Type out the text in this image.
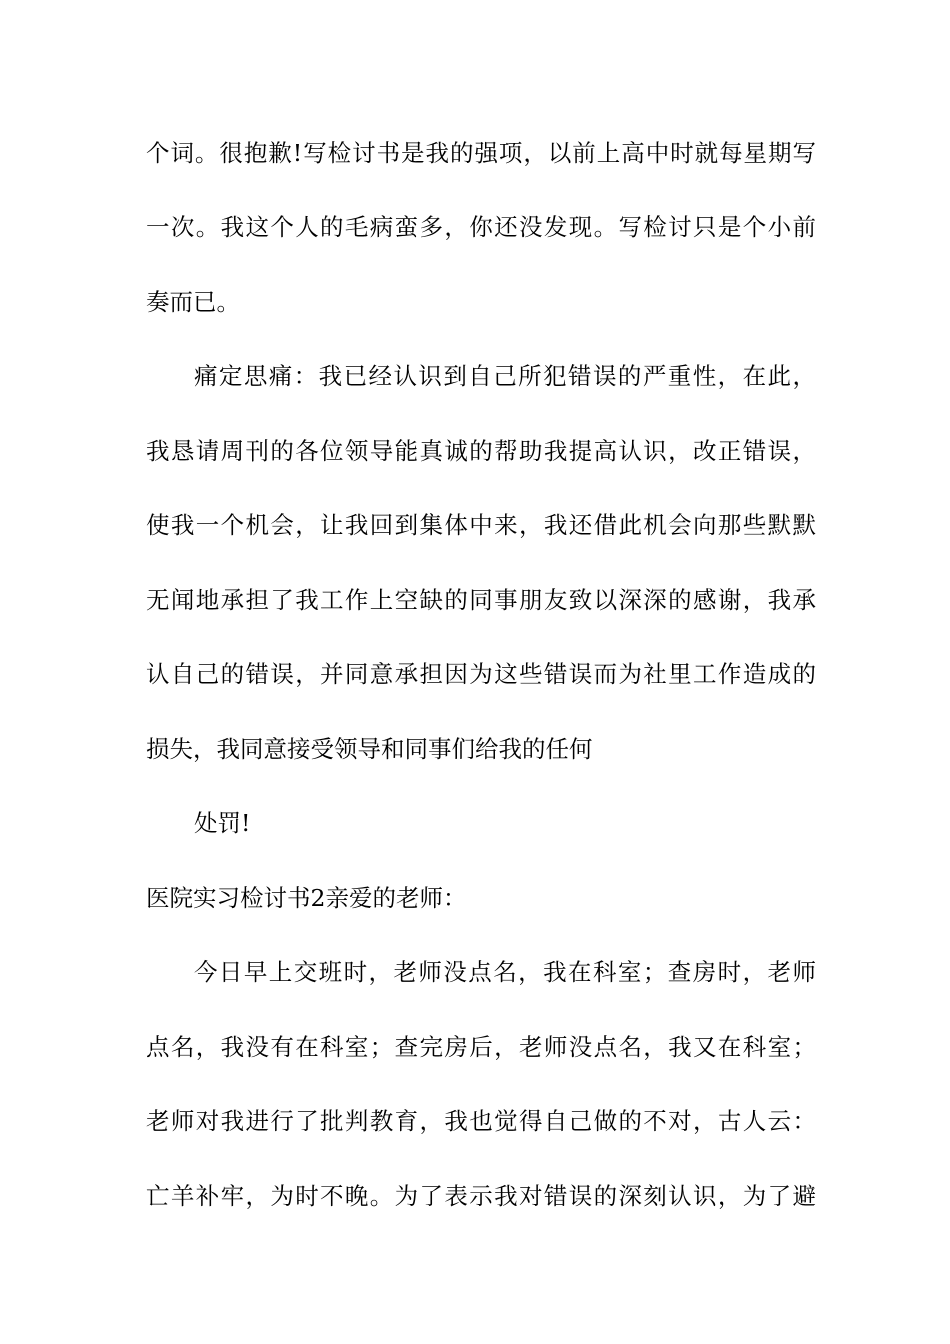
个词。很抱歉!写检讨书是我的强项，以前上高中时就每星期写
一次。我这个人的毛病蛮多，你还没发现。写检讨只是个小前
奏而已。
痛定思痛：我已经认识到自己所犯错误的严重性，在此，
我恳请周刊的各位领导能真诚的帮助我提高认识，改正错误，
使我一个机会，让我回到集体中来，我还借此机会向那些默默
无闻地承担了我工作上空缺的同事朋友致以深深的感谢，我承
认自己的错误，并同意承担因为这些错误而为社里工作造成的
损失，我同意接受领导和同事们给我的任何
处罚!
医院实习检讨书2亲爱的老师：
今日早上交班时，老师没点名，我在科室；查房时，老师
点名，我没有在科室；查完房后，老师没点名，我又在科室；
老师对我进行了批判教育，我也觉得自己做的不对，古人云：
亡羊补牢，为时不晚。为了表示我对错误的深刻认识，为了避
